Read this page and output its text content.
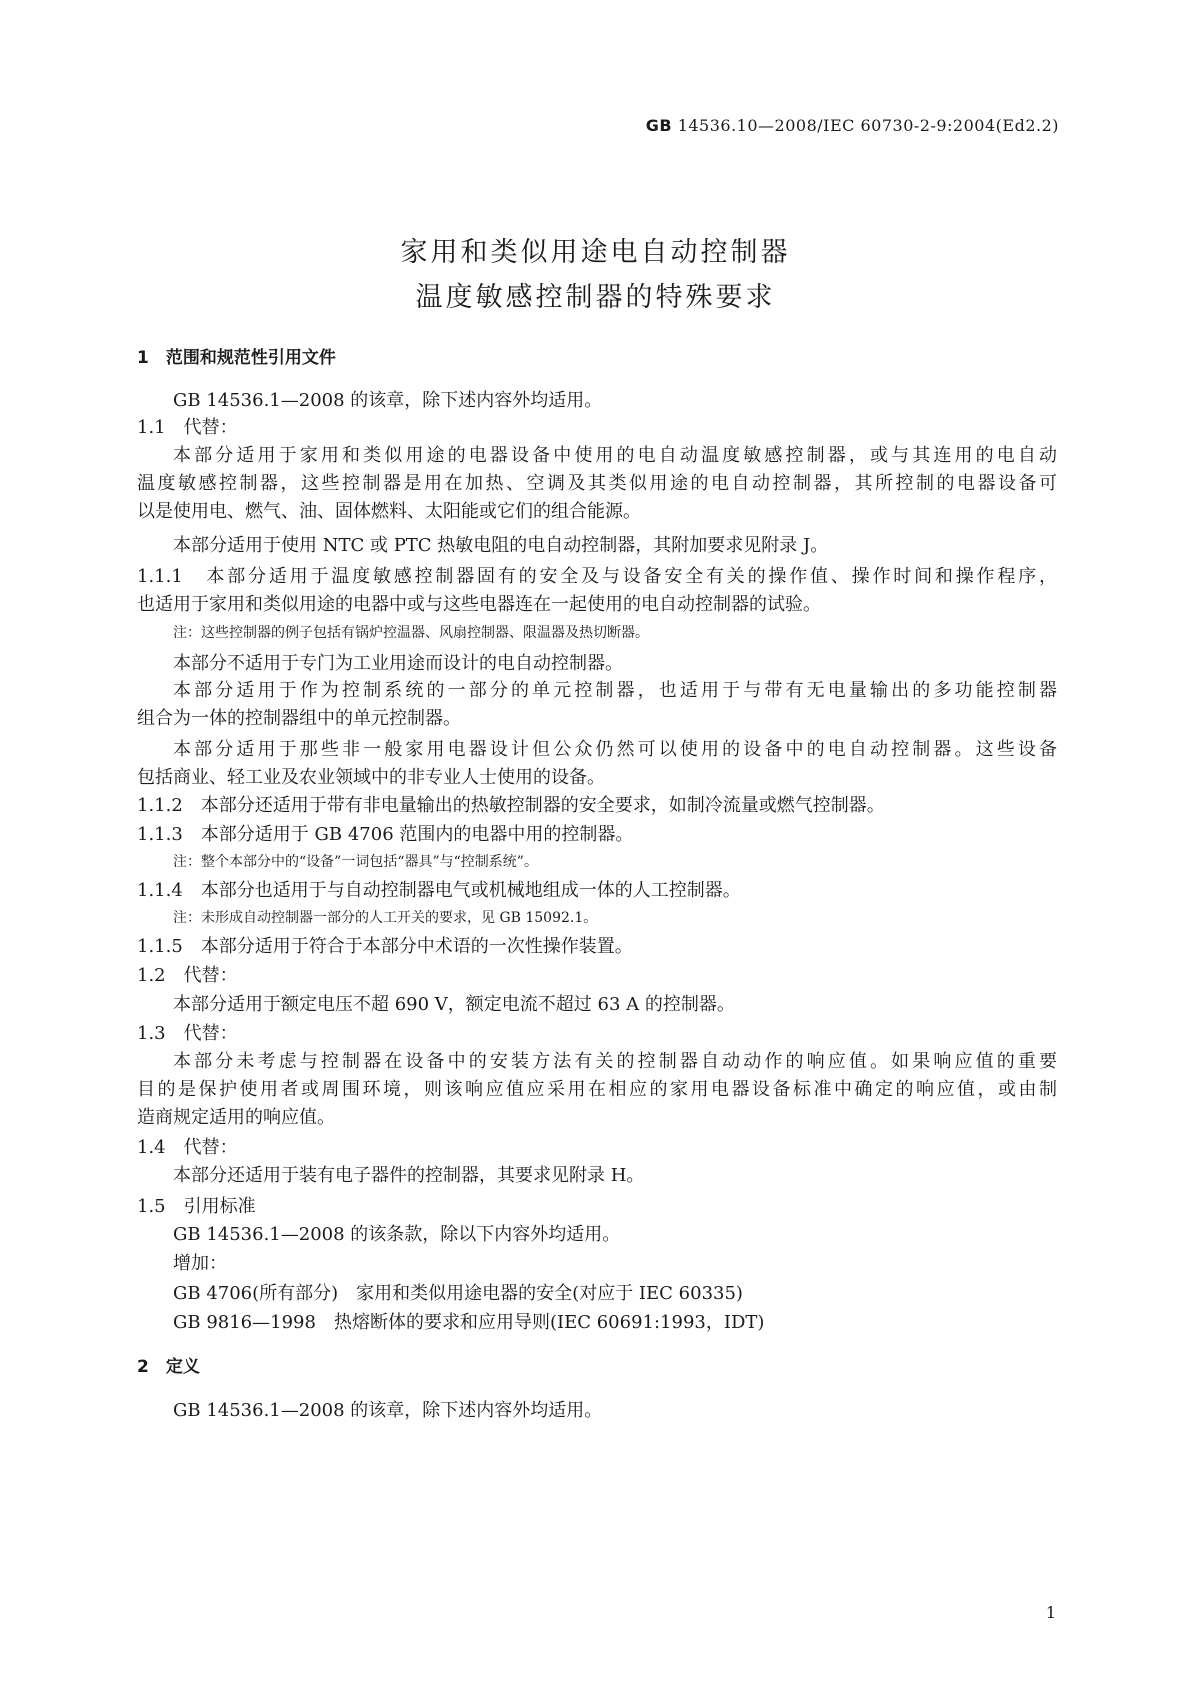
GB 14536.10—2008/IEC 60730-2-9:2004(Ed2.2)
家用和类似用途电自动控制器
温度敏感控制器的特殊要求
1　范围和规范性引用文件
GB 14536.1—2008 的该章，除下述内容外均适用。
1.1　代替：
本部分适用于家用和类似用途的电器设备中使用的电自动温度敏感控制器，或与其连用的电自动
温度敏感控制器，这些控制器是用在加热、空调及其类似用途的电自动控制器，其所控制的电器设备可
以是使用电、燃气、油、固体燃料、太阳能或它们的组合能源。
本部分适用于使用 NTC 或 PTC 热敏电阻的电自动控制器，其附加要求见附录 J。
1.1.1　本部分适用于温度敏感控制器固有的安全及与设备安全有关的操作值、操作时间和操作程序，
也适用于家用和类似用途的电器中或与这些电器连在一起使用的电自动控制器的试验。
注：这些控制器的例子包括有锅炉控温器、风扇控制器、限温器及热切断器。
本部分不适用于专门为工业用途而设计的电自动控制器。
本部分适用于作为控制系统的一部分的单元控制器，也适用于与带有无电量输出的多功能控制器
组合为一体的控制器组中的单元控制器。
本部分适用于那些非一般家用电器设计但公众仍然可以使用的设备中的电自动控制器。这些设备
包括商业、轻工业及农业领域中的非专业人士使用的设备。
1.1.2　本部分还适用于带有非电量输出的热敏控制器的安全要求，如制冷流量或燃气控制器。
1.1.3　本部分适用于 GB 4706 范围内的电器中用的控制器。
注：整个本部分中的“设备”一词包括“器具”与“控制系统”。
1.1.4　本部分也适用于与自动控制器电气或机械地组成一体的人工控制器。
注：未形成自动控制器一部分的人工开关的要求，见 GB 15092.1。
1.1.5　本部分适用于符合于本部分中术语的一次性操作装置。
1.2　代替：
本部分适用于额定电压不超 690 V，额定电流不超过 63 A 的控制器。
1.3　代替：
本部分未考虑与控制器在设备中的安装方法有关的控制器自动动作的响应值。如果响应值的重要
目的是保护使用者或周围环境，则该响应值应采用在相应的家用电器设备标准中确定的响应值，或由制
造商规定适用的响应值。
1.4　代替：
本部分还适用于装有电子器件的控制器，其要求见附录 H。
1.5　引用标准
GB 14536.1—2008 的该条款，除以下内容外均适用。
增加：
GB 4706(所有部分)　家用和类似用途电器的安全(对应于 IEC 60335)
GB 9816—1998　热熔断体的要求和应用导则(IEC 60691:1993，IDT)
2　定义
GB 14536.1—2008 的该章，除下述内容外均适用。
1
